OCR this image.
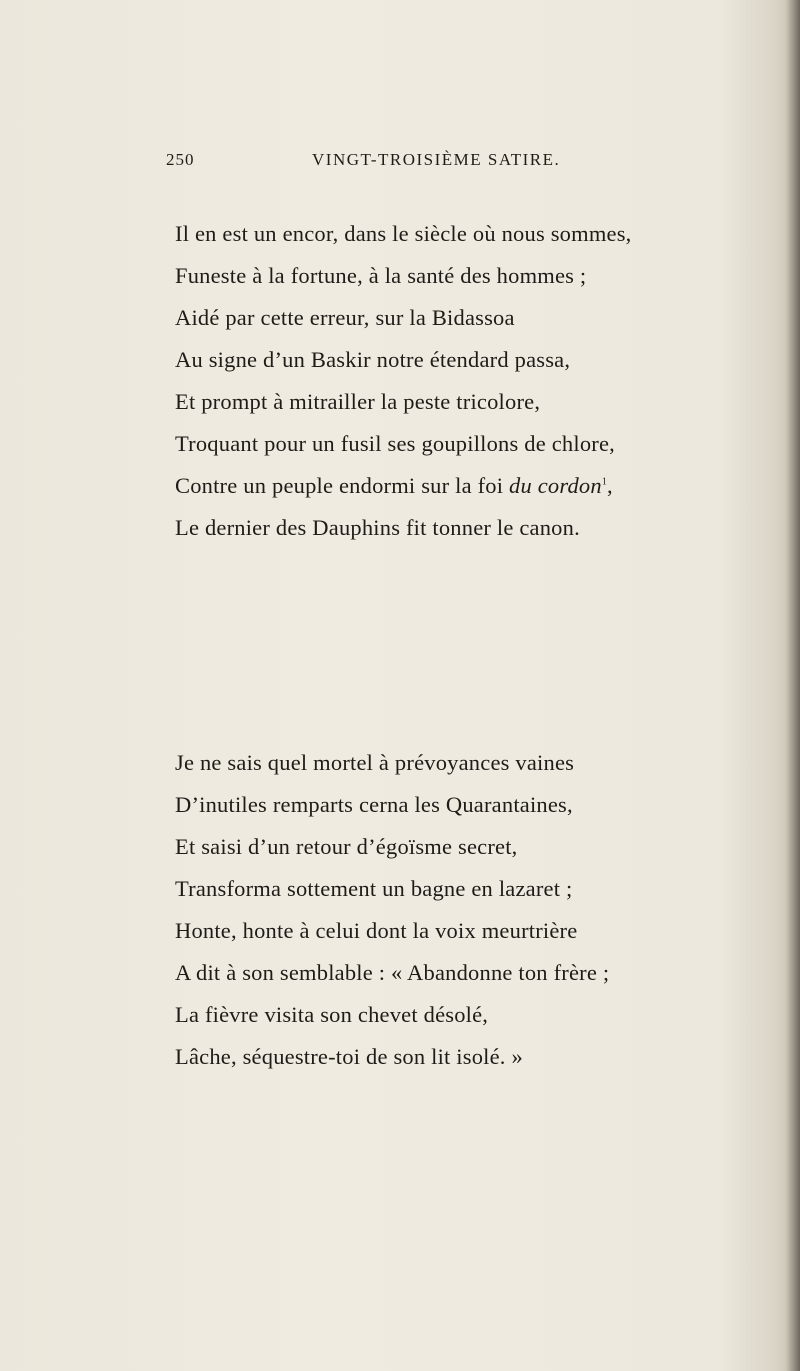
250	VINGT-TROISIÈME SATIRE.
Il en est un encor, dans le siècle où nous sommes,
Funeste à la fortune, à la santé des hommes ;
Aidé par cette erreur, sur la Bidassoa
Au signe d’un Baskir notre étendard passa,
Et prompt à mitrailler la peste tricolore,
Troquant pour un fusil ses goupillons de chlore,
Contre un peuple endormi sur la foi du cordon$^1$,
Le dernier des Dauphins fit tonner le canon.
Je ne sais quel mortel à prévoyances vaines
D’inutiles remparts cerna les Quarantaines,
Et saisi d’un retour d’égoïsme secret,
Transforma sottement un bagne en lazaret ;
Honte, honte à celui dont la voix meurtrière
A dit à son semblable : « Abandonne ton frère ;
La fièvre visita son chevet désolé,
Lâche, séquestre-toi de son lit isolé. »
